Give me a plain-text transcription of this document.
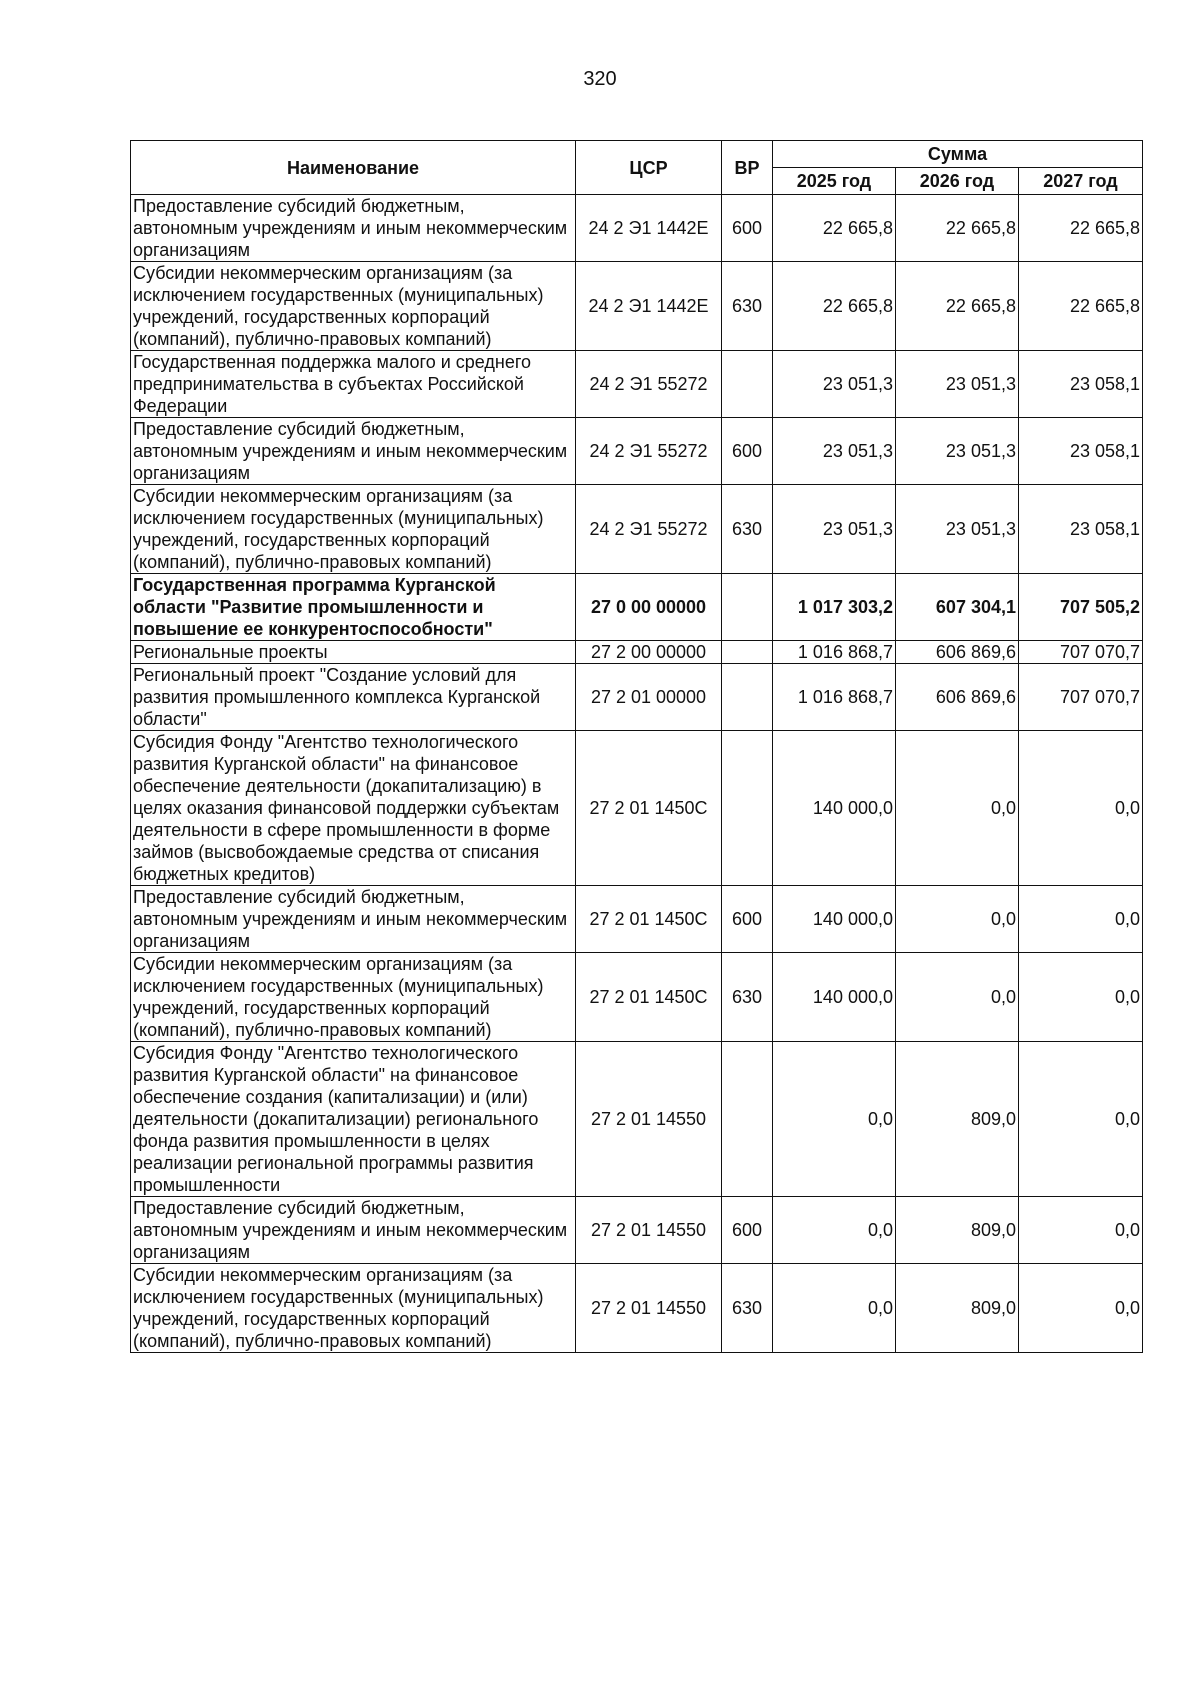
320
Наименование	ЦСР	ВР	Сумма		
			2025 год	2026 год	2027 год
Предоставление субсидий бюджетным, автономным учреждениям и иным некоммерческим организациям	24 2 Э1 1442Е	600	22 665,8	22 665,8	22 665,8
Субсидии некоммерческим организациям (за исключением государственных (муниципальных) учреждений, государственных корпораций (компаний), публично-правовых компаний)	24 2 Э1 1442Е	630	22 665,8	22 665,8	22 665,8
Государственная поддержка малого и среднего предпринимательства в субъектах Российской Федерации	24 2 Э1 55272		23 051,3	23 051,3	23 058,1
Предоставление субсидий бюджетным, автономным учреждениям и иным некоммерческим организациям	24 2 Э1 55272	600	23 051,3	23 051,3	23 058,1
Субсидии некоммерческим организациям (за исключением государственных (муниципальных) учреждений, государственных корпораций (компаний), публично-правовых компаний)	24 2 Э1 55272	630	23 051,3	23 051,3	23 058,1
Государственная программа Курганской области "Развитие промышленности и повышение ее конкурентоспособности"	27 0 00 00000		1 017 303,2	607 304,1	707 505,2
Региональные проекты	27 2 00 00000		1 016 868,7	606 869,6	707 070,7
Региональный проект "Создание условий для развития промышленного комплекса Курганской области"	27 2 01 00000		1 016 868,7	606 869,6	707 070,7
Субсидия Фонду "Агентство технологического развития Курганской области" на финансовое обеспечение деятельности (докапитализацию) в целях оказания финансовой поддержки субъектам деятельности в сфере промышленности в форме займов (высвобождаемые средства от списания бюджетных кредитов)	27 2 01 1450С		140 000,0	0,0	0,0
Предоставление субсидий бюджетным, автономным учреждениям и иным некоммерческим организациям	27 2 01 1450С	600	140 000,0	0,0	0,0
Субсидии некоммерческим организациям (за исключением государственных (муниципальных) учреждений, государственных корпораций (компаний), публично-правовых компаний)	27 2 01 1450С	630	140 000,0	0,0	0,0
Субсидия Фонду "Агентство технологического развития Курганской области" на финансовое обеспечение создания (капитализации) и (или) деятельности (докапитализации) регионального фонда развития промышленности в целях реализации региональной программы развития промышленности	27 2 01 14550		0,0	809,0	0,0
Предоставление субсидий бюджетным, автономным учреждениям и иным некоммерческим организациям	27 2 01 14550	600	0,0	809,0	0,0
Субсидии некоммерческим организациям (за исключением государственных (муниципальных) учреждений, государственных корпораций (компаний), публично-правовых компаний)	27 2 01 14550	630	0,0	809,0	0,0
